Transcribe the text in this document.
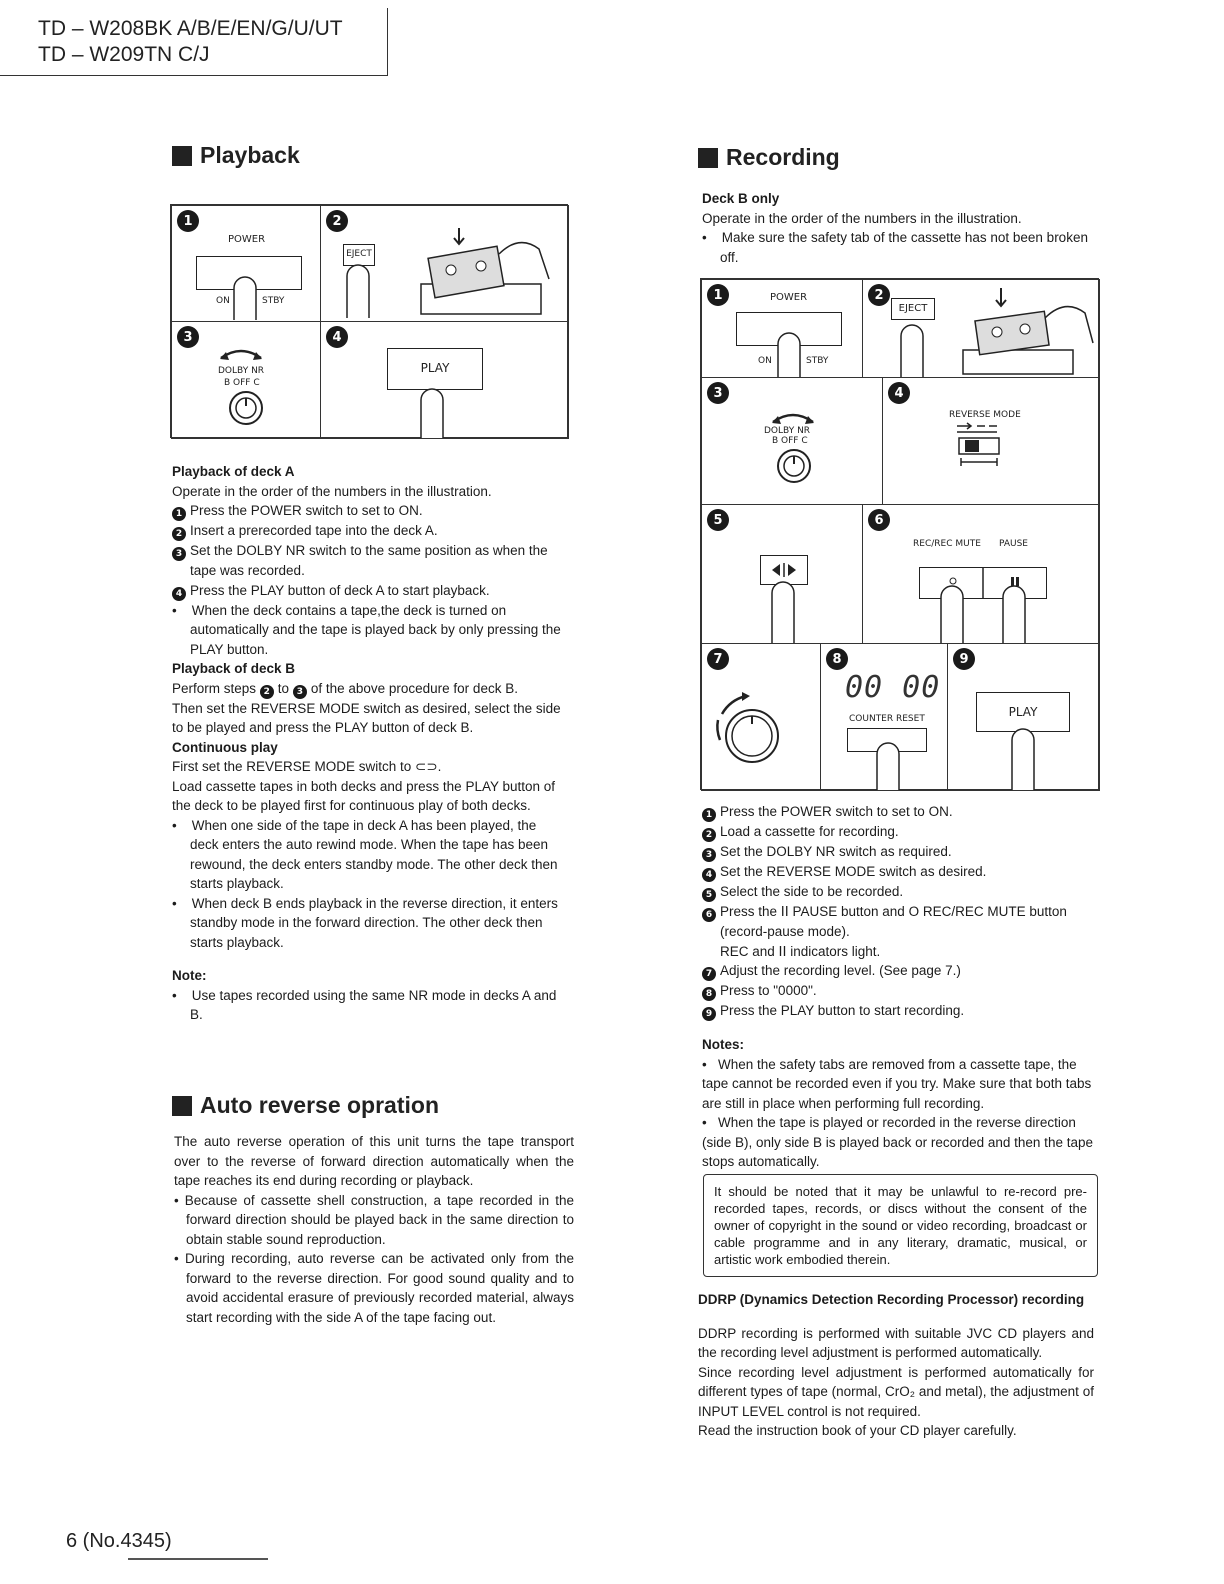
TD – W208BK A/B/E/EN/G/U/UT
TD – W209TN C/J
Playback
1
POWER
ON	STBY
2
EJECT
3
DOLBY NR
B OFF C
4
PLAY

Playback of deck A

Operate in the order of the numbers in the illustration.

1 Press the POWER switch to set to ON.

2 Insert a prerecorded tape into the deck A.

3 Set the DOLBY NR switch to the same position as when the tape was recorded.

4 Press the PLAY button of deck A to start playback.

•    When the deck contains a tape,the deck is turned on automatically and the tape is played back by only pressing the PLAY button.

Playback of deck B

Perform steps 2 to 3 of the above procedure for deck B.

Then set the REVERSE MODE switch as desired, select the side to be played and press the PLAY button of deck B.

Continuous play

First set the REVERSE MODE switch to ⊂⊃.

Load cassette tapes in both decks and press the PLAY button of the deck to be played first for continuous play of both decks.

•    When one side of the tape in deck A has been played, the deck enters the auto rewind mode. When the tape has been rewound, the deck enters standby mode. The other deck then starts playback.

•    When deck B ends playback in the reverse direction, it enters standby mode in the forward direction. The other deck then starts playback.

Note:

•    Use tapes recorded using the same NR mode in decks A and B.

Auto reverse opration

The auto reverse operation of this unit turns the tape transport over to the reverse of forward direction automatically when the tape reaches its end during recording or playback.

• Because of cassette shell construction, a tape recorded in the forward direction should be played back in the same direction to obtain stable sound reproduction.

• During recording, auto reverse can be activated only from the forward to the reverse direction. For good sound quality and to avoid accidental erasure of previously recorded material, always start recording with the side A of the tape facing out.

Recording

Deck B only

Operate in the order of the numbers in the illustration.

•    Make sure the safety tab of the cassette has not been broken off.

1	POWER
ON	STBY
2
EJECT
3
DOLBY NR
B OFF C
4
REVERSE MODE
5	6
REC/REC MUTE PAUSE
7	8
00 00
COUNTER RESET
9
PLAY

1 Press the POWER switch to set to ON.

2 Load a cassette for recording.

3 Set the DOLBY NR switch as required.

4 Set the REVERSE MODE switch as desired.

5 Select the side to be recorded.

6 Press the ⅠⅠ PAUSE button and O REC/REC MUTE button (record-pause mode).

REC and ⅠⅠ indicators light.

7 Adjust the recording level. (See page 7.)

8 Press to "0000".

9 Press the PLAY button to start recording.

Notes:

•   When the safety tabs are removed from a cassette tape, the tape cannot be recorded even if you try. Make sure that both tabs are still in place when performing full recording.

•   When the tape is played or recorded in the reverse direction (side B), only side B is played back or recorded and then the tape stops automatically.

It should be noted that it may be unlawful to re-record pre-recorded tapes, records, or discs without the consent of the owner of copyright in the sound or video recording, broadcast or cable programme and in any literary, dramatic, musical, or artistic work embodied therein.

DDRP (Dynamics Detection Recording Processor) recording

DDRP recording is performed with suitable JVC CD players and the recording level adjustment is performed automatically.

Since recording level adjustment is performed automatically for different types of tape (normal, CrO₂ and metal), the adjustment of INPUT LEVEL control is not required.

Read the instruction book of your CD player carefully.

6 (No.4345)
